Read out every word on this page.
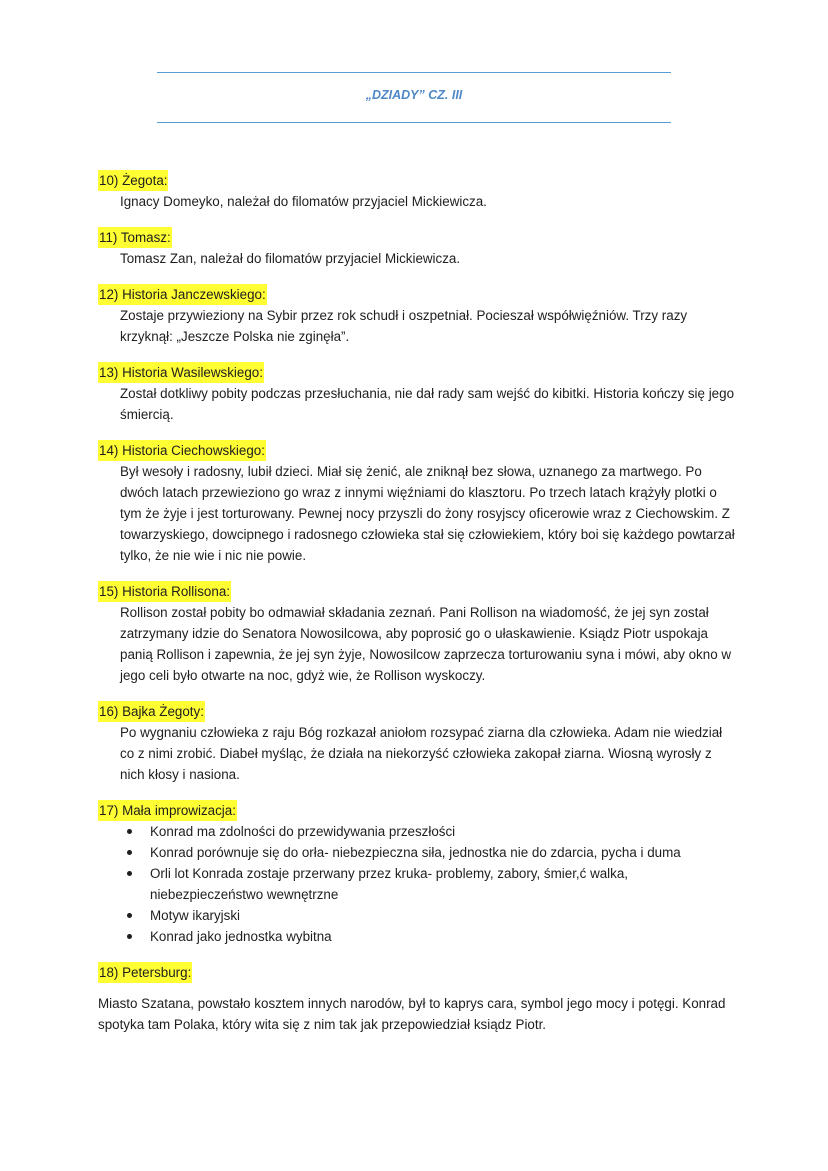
„DZIADY” CZ. III
10) Żegota:
Ignacy Domeyko, należał do filomatów przyjaciel Mickiewicza.
11) Tomasz:
Tomasz Zan, należał do filomatów przyjaciel Mickiewicza.
12) Historia Janczewskiego:
Zostaje przywieziony na Sybir przez rok schudł i oszpetniał. Pocieszał współwięźniów. Trzy razy krzyknął: „Jeszcze Polska nie zginęła”.
13) Historia Wasilewskiego:
Został dotkliwy pobity podczas przesłuchania, nie dał rady sam wejść do kibitki. Historia kończy się jego śmiercią.
14) Historia Ciechowskiego:
Był wesoły i radosny, lubił dzieci. Miał się żenić, ale zniknął bez słowa, uznanego za martwego. Po dwóch latach przewieziono go wraz z innymi więźniami do klasztoru. Po trzech latach krążyły plotki o tym że żyje i jest torturowany. Pewnej nocy przyszli do żony rosyjscy oficerowie wraz z Ciechowskim. Z towarzyskiego, dowcipnego i radosnego człowieka stał się człowiekiem, który boi się każdego powtarzał tylko, że nie wie i nic nie powie.
15) Historia Rollisona:
Rollison został pobity bo odmawiał składania zeznań. Pani Rollison na wiadomość, że jej syn został zatrzymany idzie do Senatora Nowosilcowa, aby poprosić go o ułaskawienie. Ksiądz Piotr uspokaja panią Rollison i zapewnia, że jej syn żyje, Nowosilcow zaprzecza torturowaniu syna i mówi, aby okno w jego celi było otwarte na noc, gdyż wie, że Rollison wyskoczy.
16) Bajka Żegoty:
Po wygnaniu człowieka z raju Bóg rozkazał aniołom rozsypać ziarna dla człowieka. Adam nie wiedział co z nimi zrobić. Diabeł myśląc, że działa na niekorzyść człowieka zakopał ziarna. Wiosną wyrosły z nich kłosy i nasiona.
17) Mała improwizacja:
Konrad ma zdolności do przewidywania przeszłości
Konrad porównuje się do orła- niebezpieczna siła, jednostka nie do zdarcia, pycha i duma
Orli lot Konrada zostaje przerwany przez kruka- problemy, zabory, śmier,ć walka, niebezpieczeństwo wewnętrzne
Motyw ikaryjski
Konrad jako jednostka wybitna
18) Petersburg:
Miasto Szatana, powstało kosztem innych narodów, był to kaprys cara, symbol jego mocy i potęgi. Konrad spotyka tam Polaka, który wita się z nim tak jak przepowiedział ksiądz Piotr.
